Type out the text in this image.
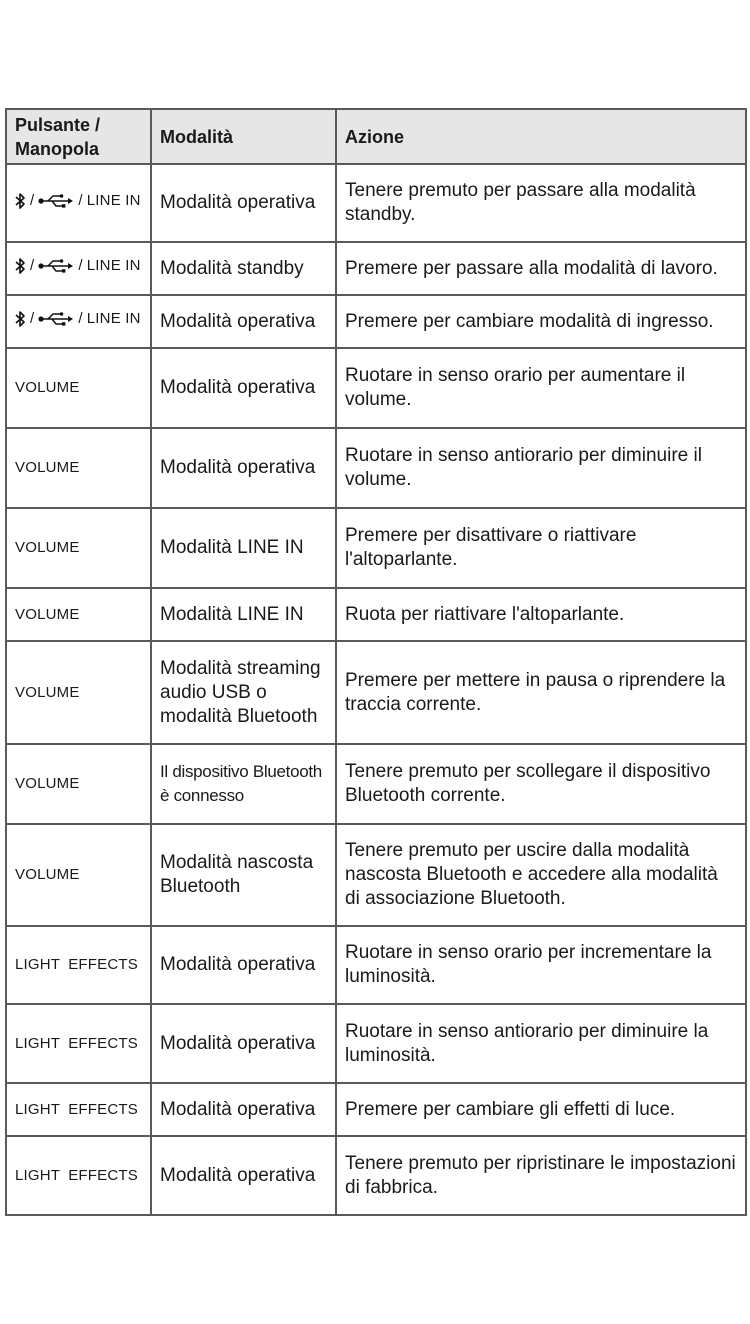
Pulsante /
Manopola	Modalità	Azione

/ / LINE IN	Modalità operativa	Tenere premuto per passare alla modalità standby.

/ / LINE IN	Modalità standby	Premere per passare alla modalità di lavoro.

/ / LINE IN	Modalità operativa	Premere per cambiare modalità di ingresso.
VOLUME	Modalità operativa	Ruotare in senso orario per aumentare il volume.
VOLUME	Modalità operativa	Ruotare in senso antiorario per diminuire il volume.
VOLUME	Modalità LINE IN	Premere per disattivare o riattivare l'altoparlante.
VOLUME	Modalità LINE IN	Ruota per riattivare l'altoparlante.
VOLUME	Modalità streaming audio USB o modalità Bluetooth	Premere per mettere in pausa o riprendere la traccia corrente.
VOLUME	Il dispositivo Bluetooth è connesso	Tenere premuto per scollegare il dispositivo Bluetooth corrente.
VOLUME	Modalità nascosta Bluetooth	Tenere premuto per uscire dalla modalità nascosta Bluetooth e accedere alla modalità di associazione Bluetooth.
LIGHT EFFECTS	Modalità operativa	Ruotare in senso orario per incrementare la luminosità.
LIGHT EFFECTS	Modalità operativa	Ruotare in senso antiorario per diminuire la luminosità.
LIGHT EFFECTS	Modalità operativa	Premere per cambiare gli effetti di luce.
LIGHT EFFECTS	Modalità operativa	Tenere premuto per ripristinare le impostazioni di fabbrica.
